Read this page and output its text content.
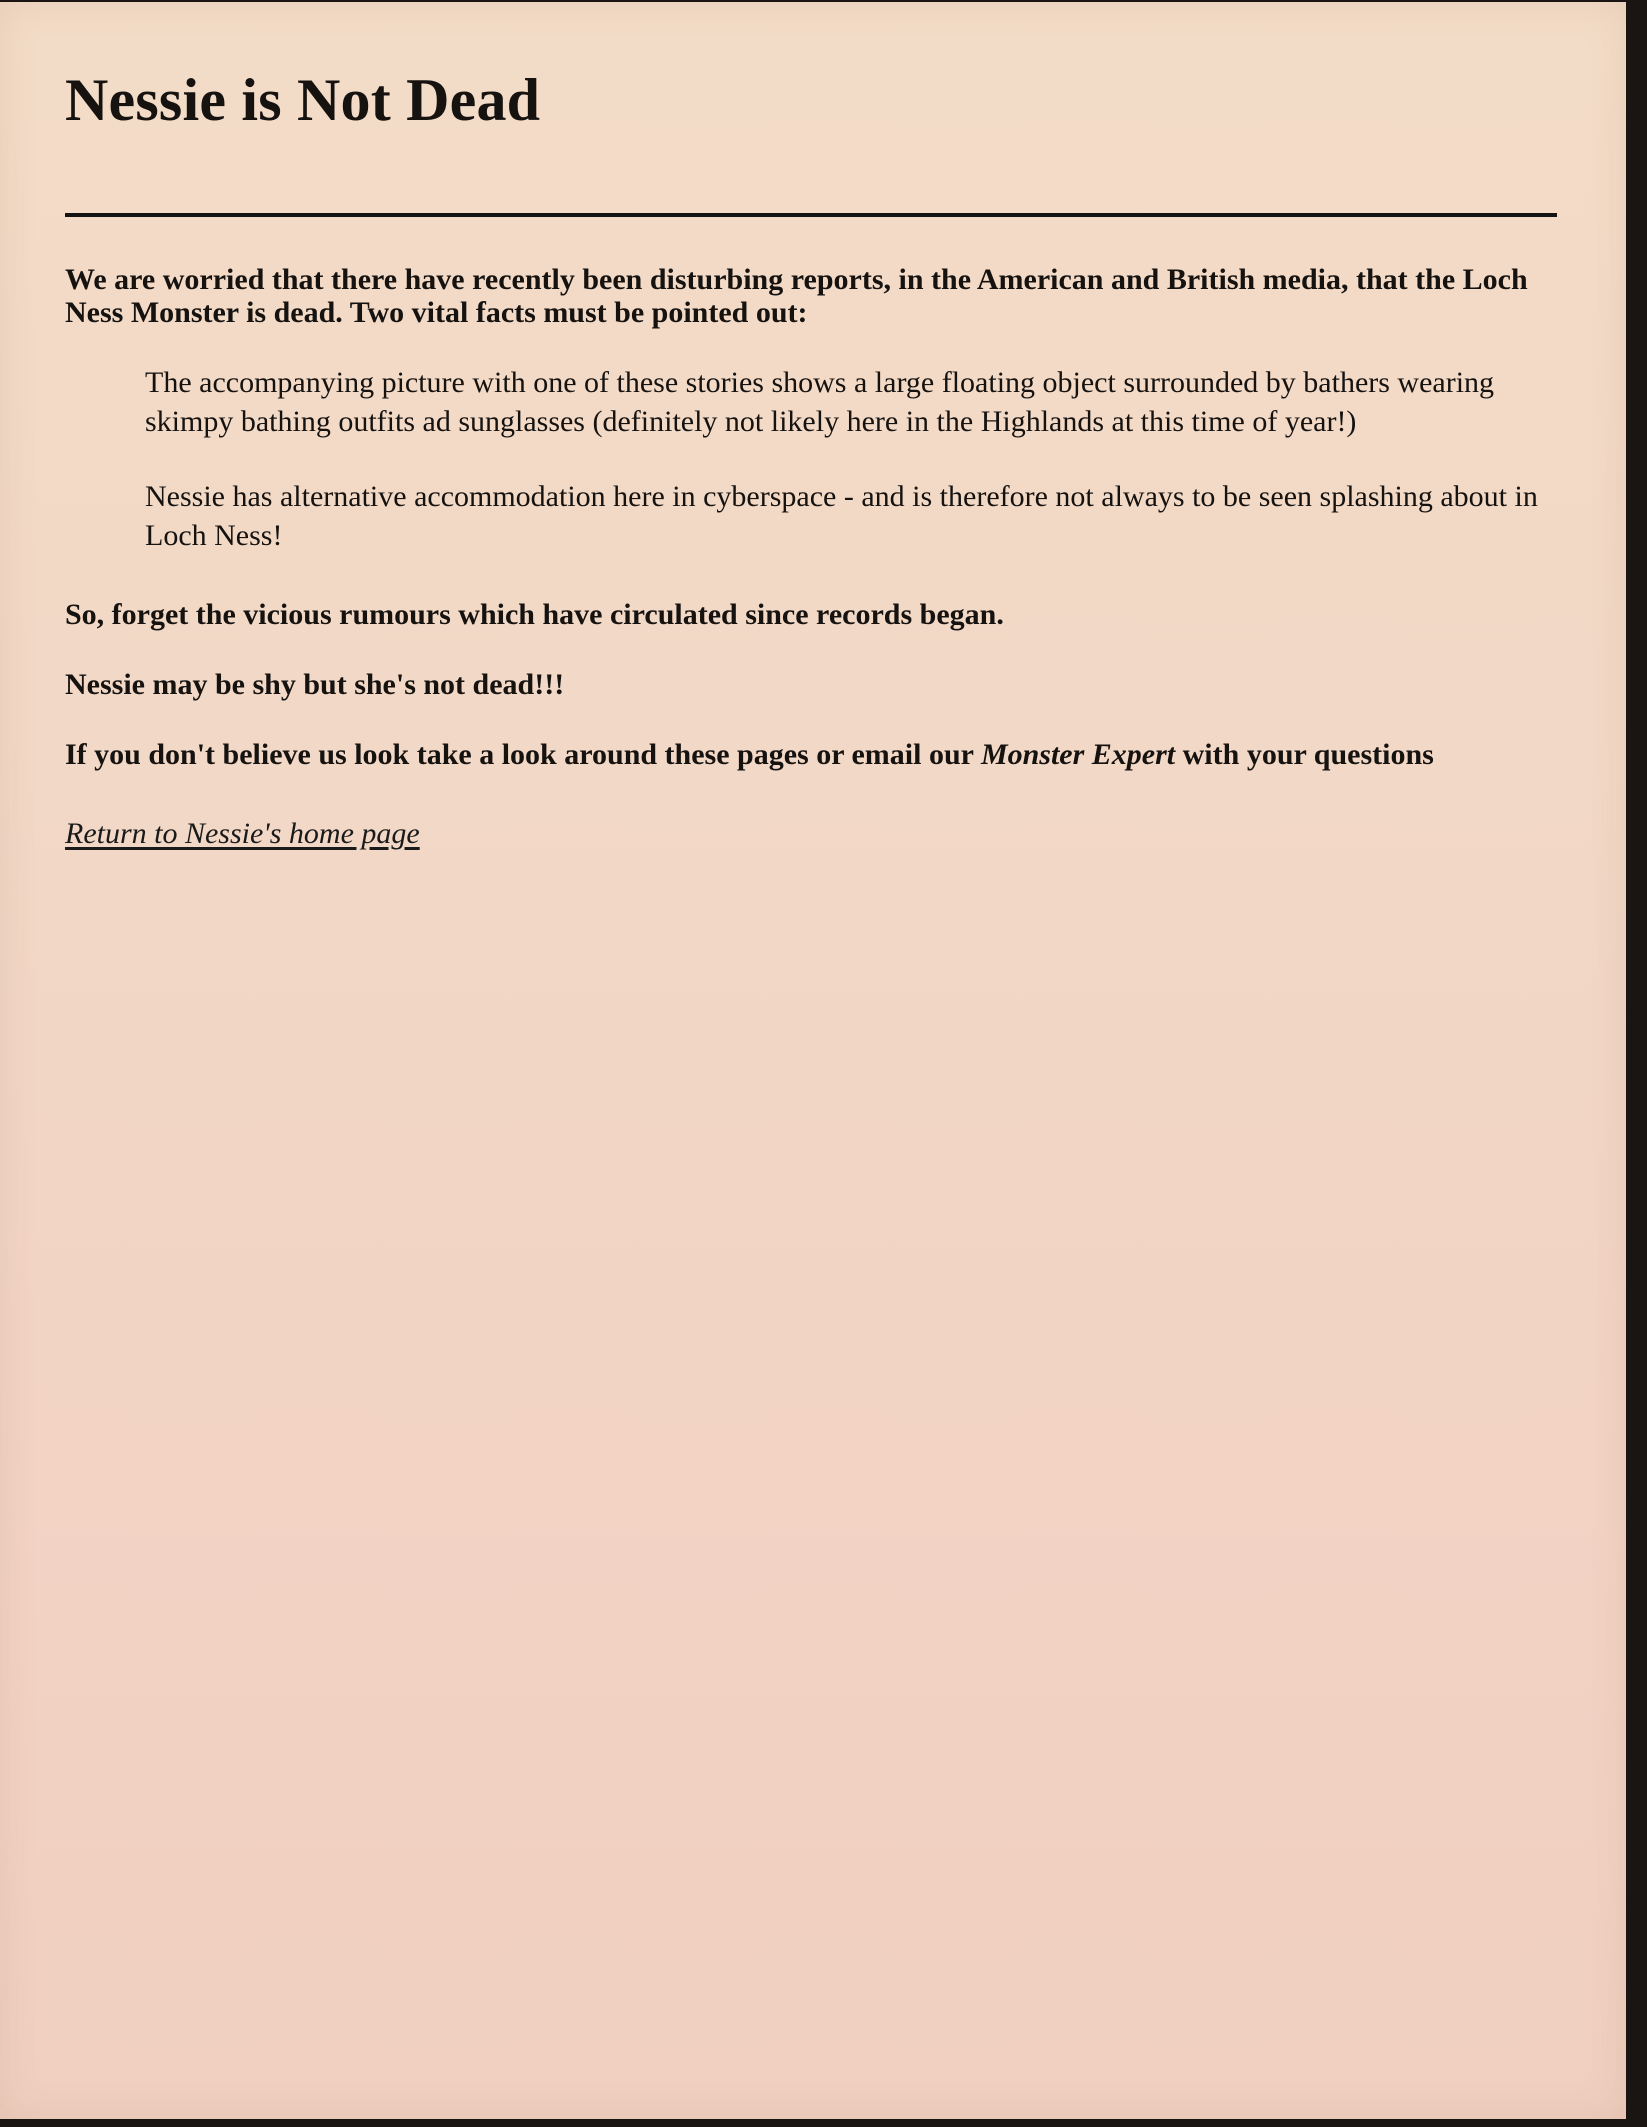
Nessie is Not Dead
We are worried that there have recently been disturbing reports, in the American and British media, that the Loch Ness Monster is dead. Two vital facts must be pointed out:
The accompanying picture with one of these stories shows a large floating object surrounded by bathers wearing skimpy bathing outfits ad sunglasses (definitely not likely here in the Highlands at this time of year!)
Nessie has alternative accommodation here in cyberspace - and is therefore not always to be seen splashing about in Loch Ness!

So, forget the vicious rumours which have circulated since records began.

Nessie may be shy but she's not dead!!!

If you don't believe us look take a look around these pages or email our Monster Expert with your questions

Return to Nessie's home page
